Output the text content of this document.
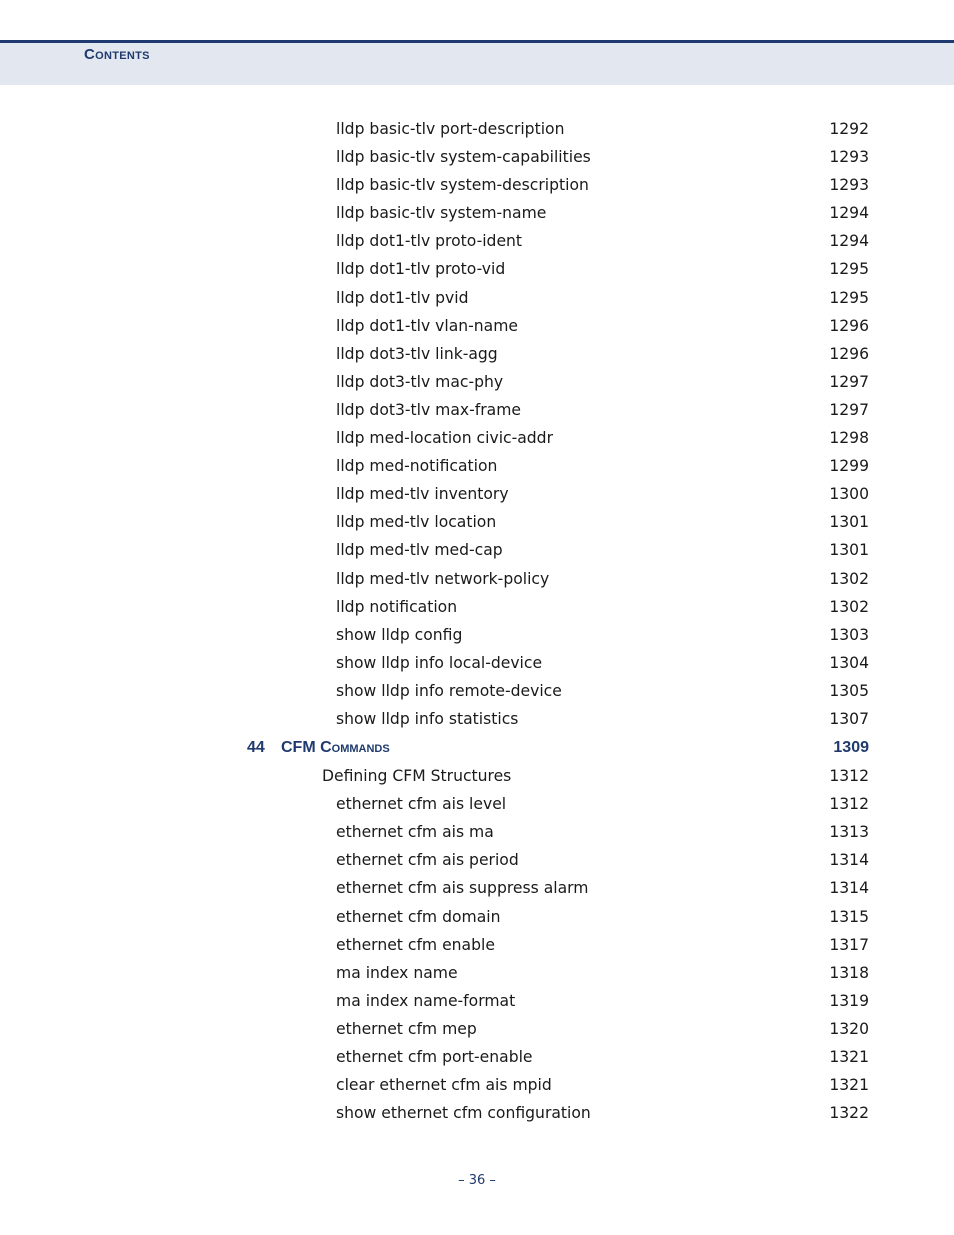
Contents
lldp basic-tlv port-description	1292
lldp basic-tlv system-capabilities	1293
lldp basic-tlv system-description	1293
lldp basic-tlv system-name	1294
lldp dot1-tlv proto-ident	1294
lldp dot1-tlv proto-vid	1295
lldp dot1-tlv pvid	1295
lldp dot1-tlv vlan-name	1296
lldp dot3-tlv link-agg	1296
lldp dot3-tlv mac-phy	1297
lldp dot3-tlv max-frame	1297
lldp med-location civic-addr	1298
lldp med-notification	1299
lldp med-tlv inventory	1300
lldp med-tlv location	1301
lldp med-tlv med-cap	1301
lldp med-tlv network-policy	1302
lldp notification	1302
show lldp config	1303
show lldp info local-device	1304
show lldp info remote-device	1305
show lldp info statistics	1307
44 CFM Commands	1309
Defining CFM Structures	1312
ethernet cfm ais level	1312
ethernet cfm ais ma	1313
ethernet cfm ais period	1314
ethernet cfm ais suppress alarm	1314
ethernet cfm domain	1315
ethernet cfm enable	1317
ma index name	1318
ma index name-format	1319
ethernet cfm mep	1320
ethernet cfm port-enable	1321
clear ethernet cfm ais mpid	1321
show ethernet cfm configuration	1322
– 36 –
